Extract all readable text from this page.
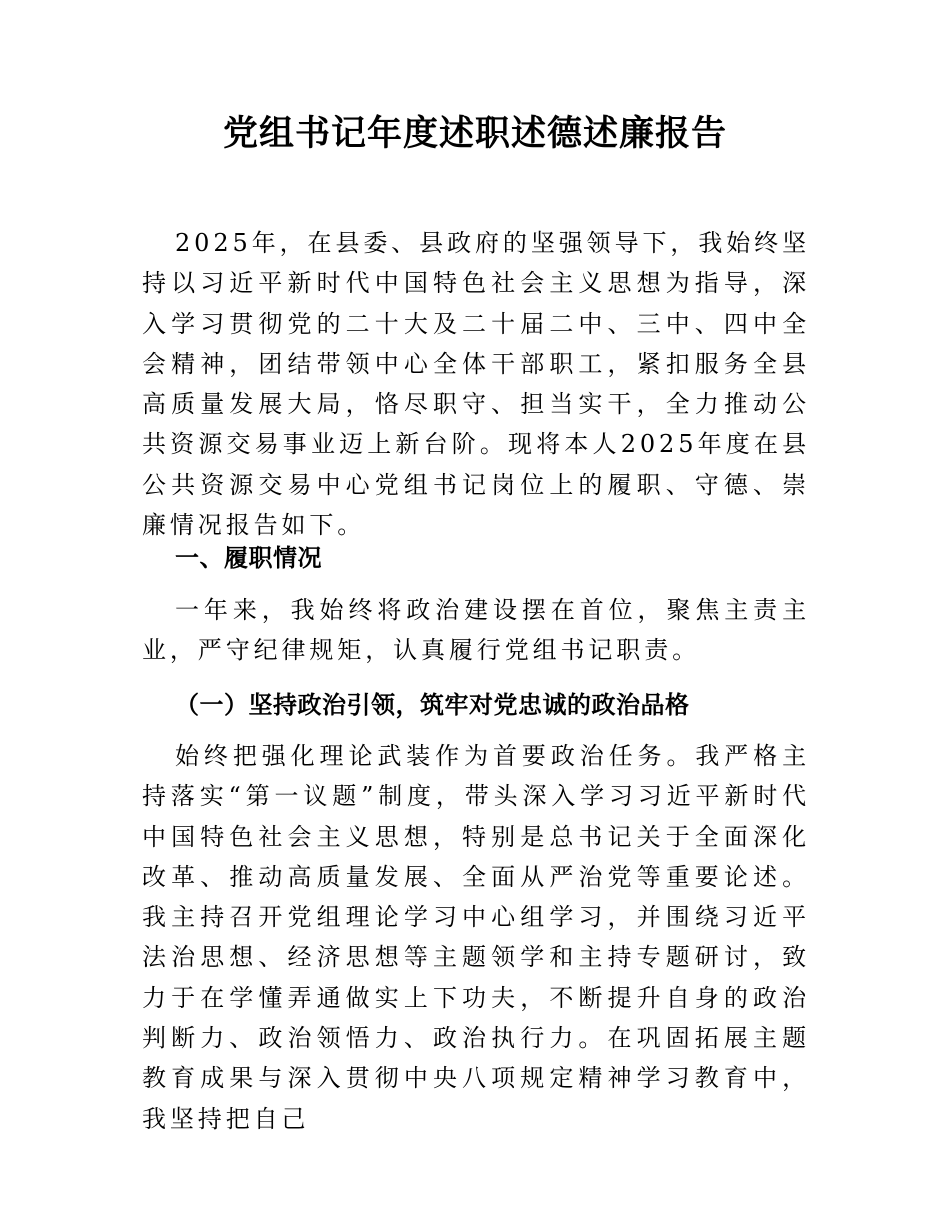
党组书记年度述职述德述廉报告

2025年，在县委、县政府的坚强领导下，我始终坚持以习近平新时代中国特色社会主义思想为指导，深入学习贯彻党的二十大及二十届二中、三中、四中全会精神，团结带领中心全体干部职工，紧扣服务全县高质量发展大局，恪尽职守、担当实干，全力推动公共资源交易事业迈上新台阶。现将本人2025年度在县公共资源交易中心党组书记岗位上的履职、守德、崇廉情况报告如下。

一、履职情况

一年来，我始终将政治建设摆在首位，聚焦主责主业，严守纪律规矩，认真履行党组书记职责。

（一）坚持政治引领，筑牢对党忠诚的政治品格

始终把强化理论武装作为首要政治任务。我严格主持落实“第一议题”制度，带头深入学习习近平新时代中国特色社会主义思想，特别是总书记关于全面深化改革、推动高质量发展、全面从严治党等重要论述。我主持召开党组理论学习中心组学习，并围绕习近平法治思想、经济思想等主题领学和主持专题研讨，致力于在学懂弄通做实上下功夫，不断提升自身的政治判断力、政治领悟力、政治执行力。在巩固拓展主题教育成果与深入贯彻中央八项规定精神学习教育中，我坚持把自己
